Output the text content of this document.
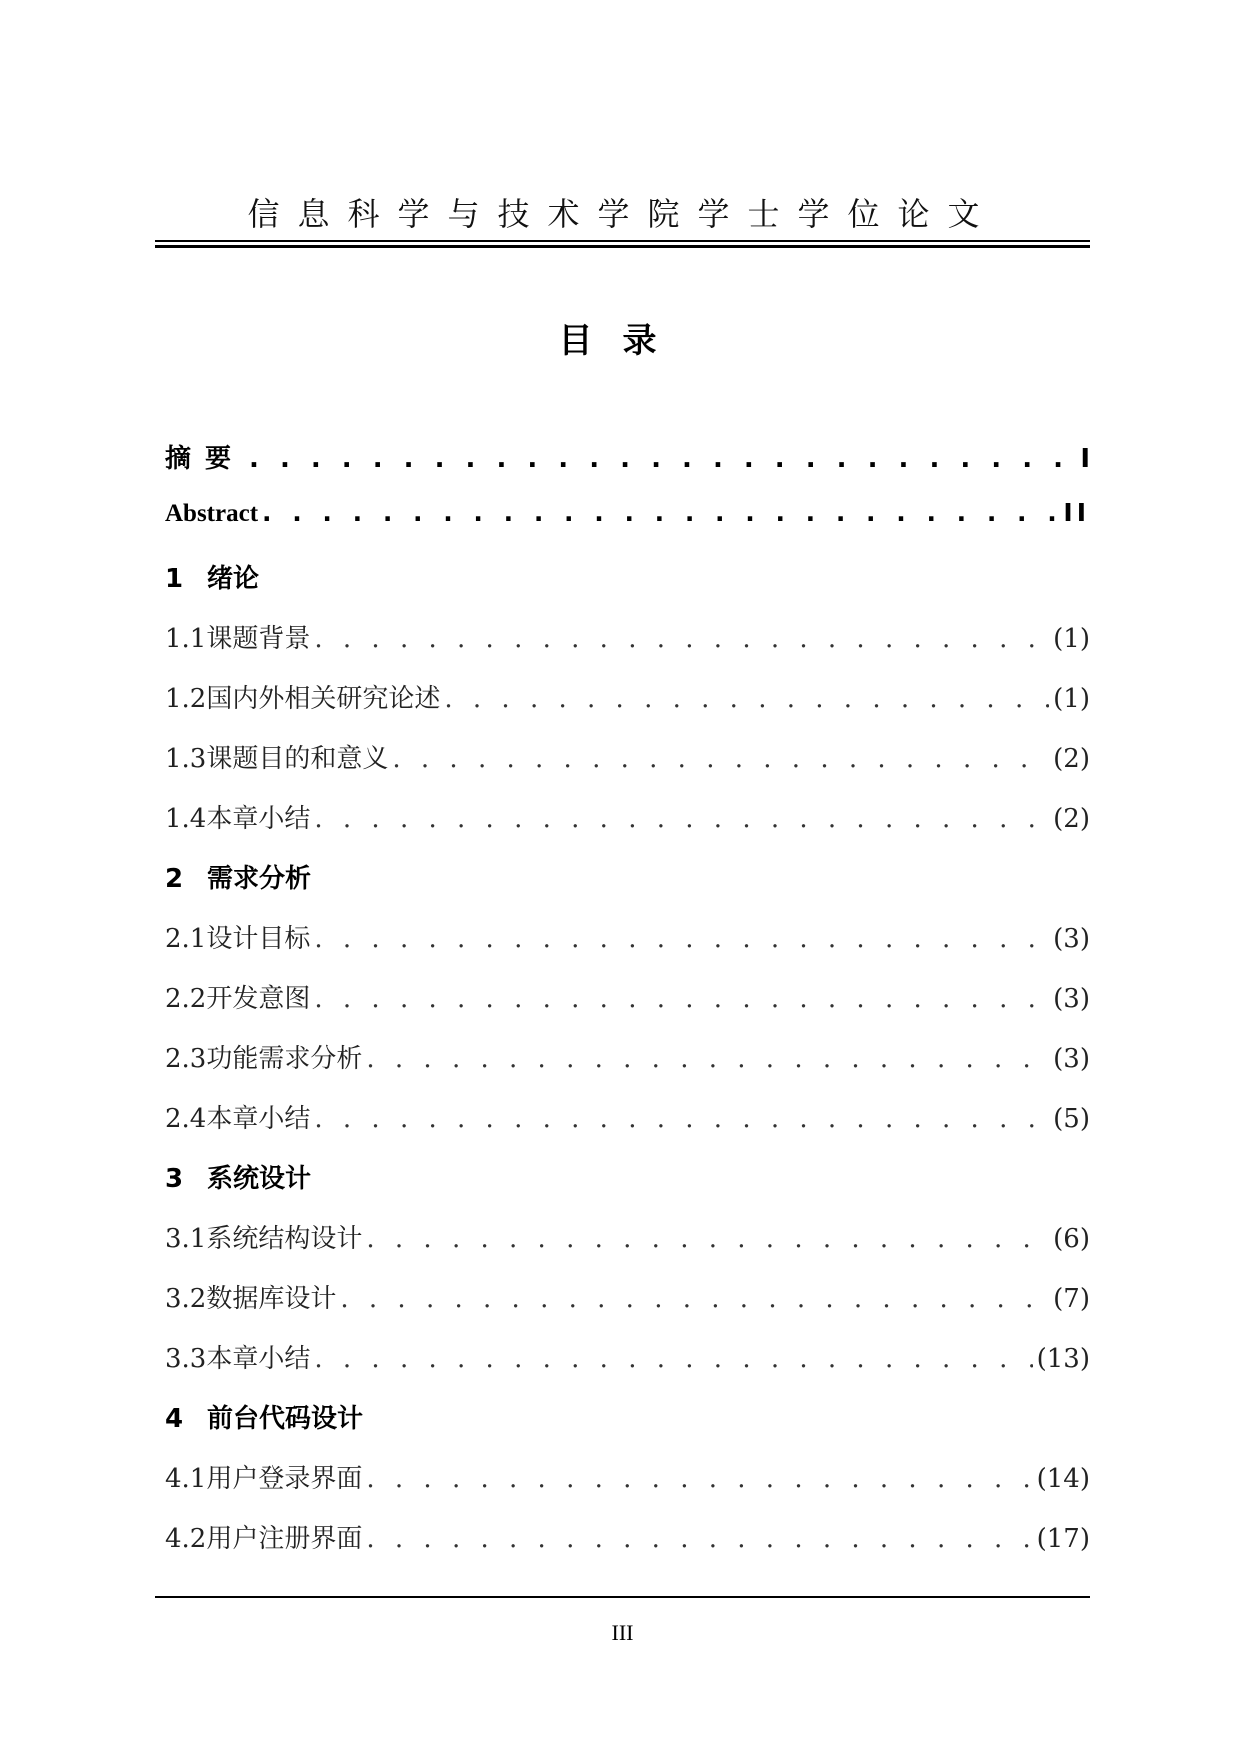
信息科学与技术学院学士学位论文
目录
摘要 . . .	I
Abstract . . .	II
1 绪论
1.1课题背景 . . .	(1)
1.2国内外相关研究论述 . . .	(1)
1.3课题目的和意义 . . .	(2)
1.4本章小结 . . .	(2)
2 需求分析
2.1设计目标 . . .	(3)
2.2开发意图 . . .	(3)
2.3功能需求分析 . . .	(3)
2.4本章小结 . . .	(5)
3 系统设计
3.1系统结构设计 . . .	(6)
3.2数据库设计 . . .	(7)
3.3本章小结 . . .	(13)
4 前台代码设计
4.1用户登录界面 . . .	(14)
4.2用户注册界面 . . .	(17)
III
